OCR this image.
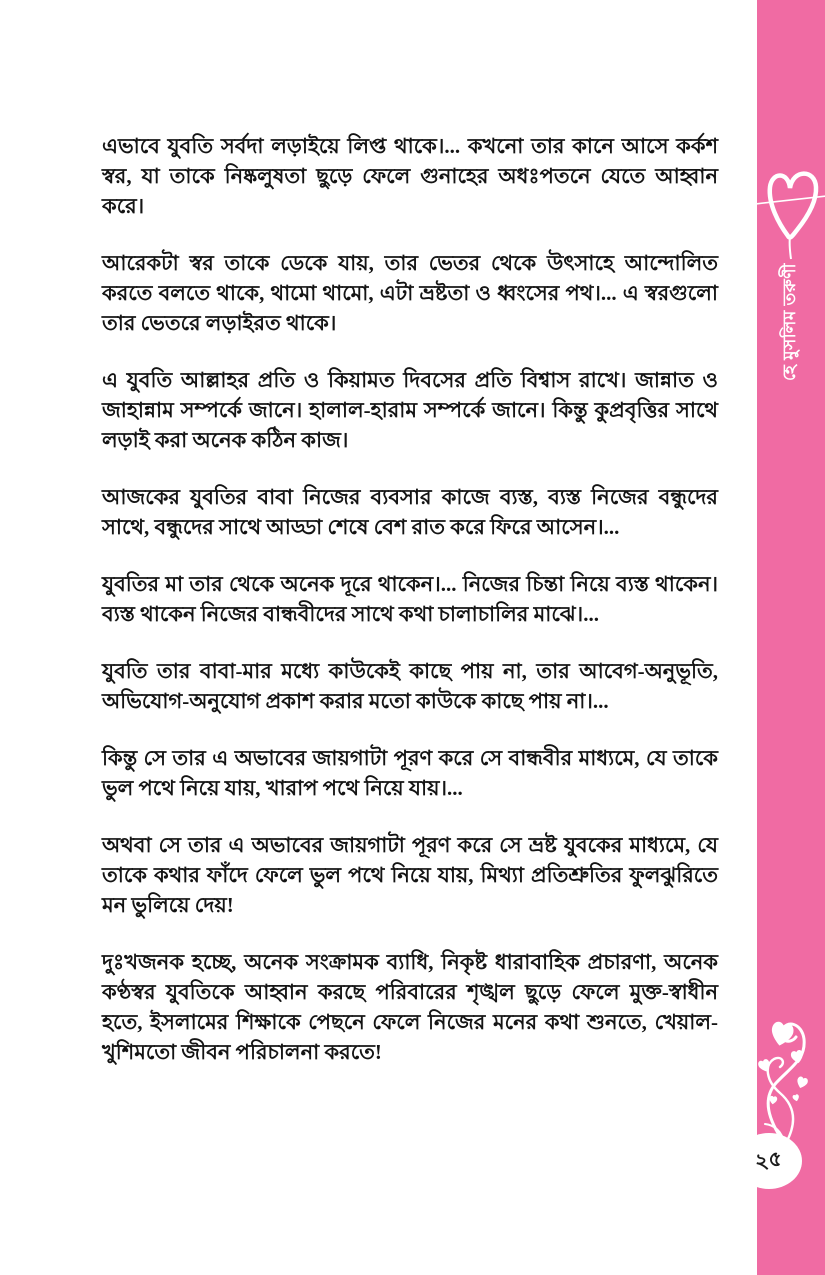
এভাবে যুবতি সর্বদা লড়াইয়ে লিপ্ত থাকে।... কখনো তার কানে আসে কর্কশ স্বর, যা তাকে নিষ্কলুষতা ছুড়ে ফেলে গুনাহের অধঃপতনে যেতে আহ্বান করে।

আরেকটা স্বর তাকে ডেকে যায়, তার ভেতর থেকে উৎসাহে আন্দোলিত করতে বলতে থাকে, থামো থামো, এটা ভ্রষ্টতা ও ধ্বংসের পথ।... এ স্বরগুলো তার ভেতরে লড়াইরত থাকে।

এ যুবতি আল্লাহর প্রতি ও কিয়ামত দিবসের প্রতি বিশ্বাস রাখে। জান্নাত ও জাহান্নাম সম্পর্কে জানে। হালাল-হারাম সম্পর্কে জানে। কিন্তু কুপ্রবৃত্তির সাথে লড়াই করা অনেক কঠিন কাজ।

আজকের যুবতির বাবা নিজের ব্যবসার কাজে ব্যস্ত, ব্যস্ত নিজের বন্ধুদের সাথে, বন্ধুদের সাথে আড্ডা শেষে বেশ রাত করে ফিরে আসেন।...

যুবতির মা তার থেকে অনেক দূরে থাকেন।... নিজের চিন্তা নিয়ে ব্যস্ত থাকেন। ব্যস্ত থাকেন নিজের বান্ধবীদের সাথে কথা চালাচালির মাঝে।...

যুবতি তার বাবা-মার মধ্যে কাউকেই কাছে পায় না, তার আবেগ-অনুভূতি, অভিযোগ-অনুযোগ প্রকাশ করার মতো কাউকে কাছে পায় না।...

কিন্তু সে তার এ অভাবের জায়গাটা পূরণ করে সে বান্ধবীর মাধ্যমে, যে তাকে ভুল পথে নিয়ে যায়, খারাপ পথে নিয়ে যায়।...

অথবা সে তার এ অভাবের জায়গাটা পূরণ করে সে ভ্রষ্ট যুবকের মাধ্যমে, যে তাকে কথার ফাঁদে ফেলে ভুল পথে নিয়ে যায়, মিথ্যা প্রতিশ্রুতির ফুলঝুরিতে মন ভুলিয়ে দেয়!

দুঃখজনক হচ্ছে, অনেক সংক্রামক ব্যাধি, নিকৃষ্ট ধারাবাহিক প্রচারণা, অনেক কণ্ঠস্বর যুবতিকে আহ্বান করছে পরিবারের শৃঙ্খল ছুড়ে ফেলে মুক্ত-স্বাধীন হতে, ইসলামের শিক্ষাকে পেছনে ফেলে নিজের মনের কথা শুনতে, খেয়াল-খুশিমতো জীবন পরিচালনা করতে!

হে মুসলিম তরুণী
২৫
